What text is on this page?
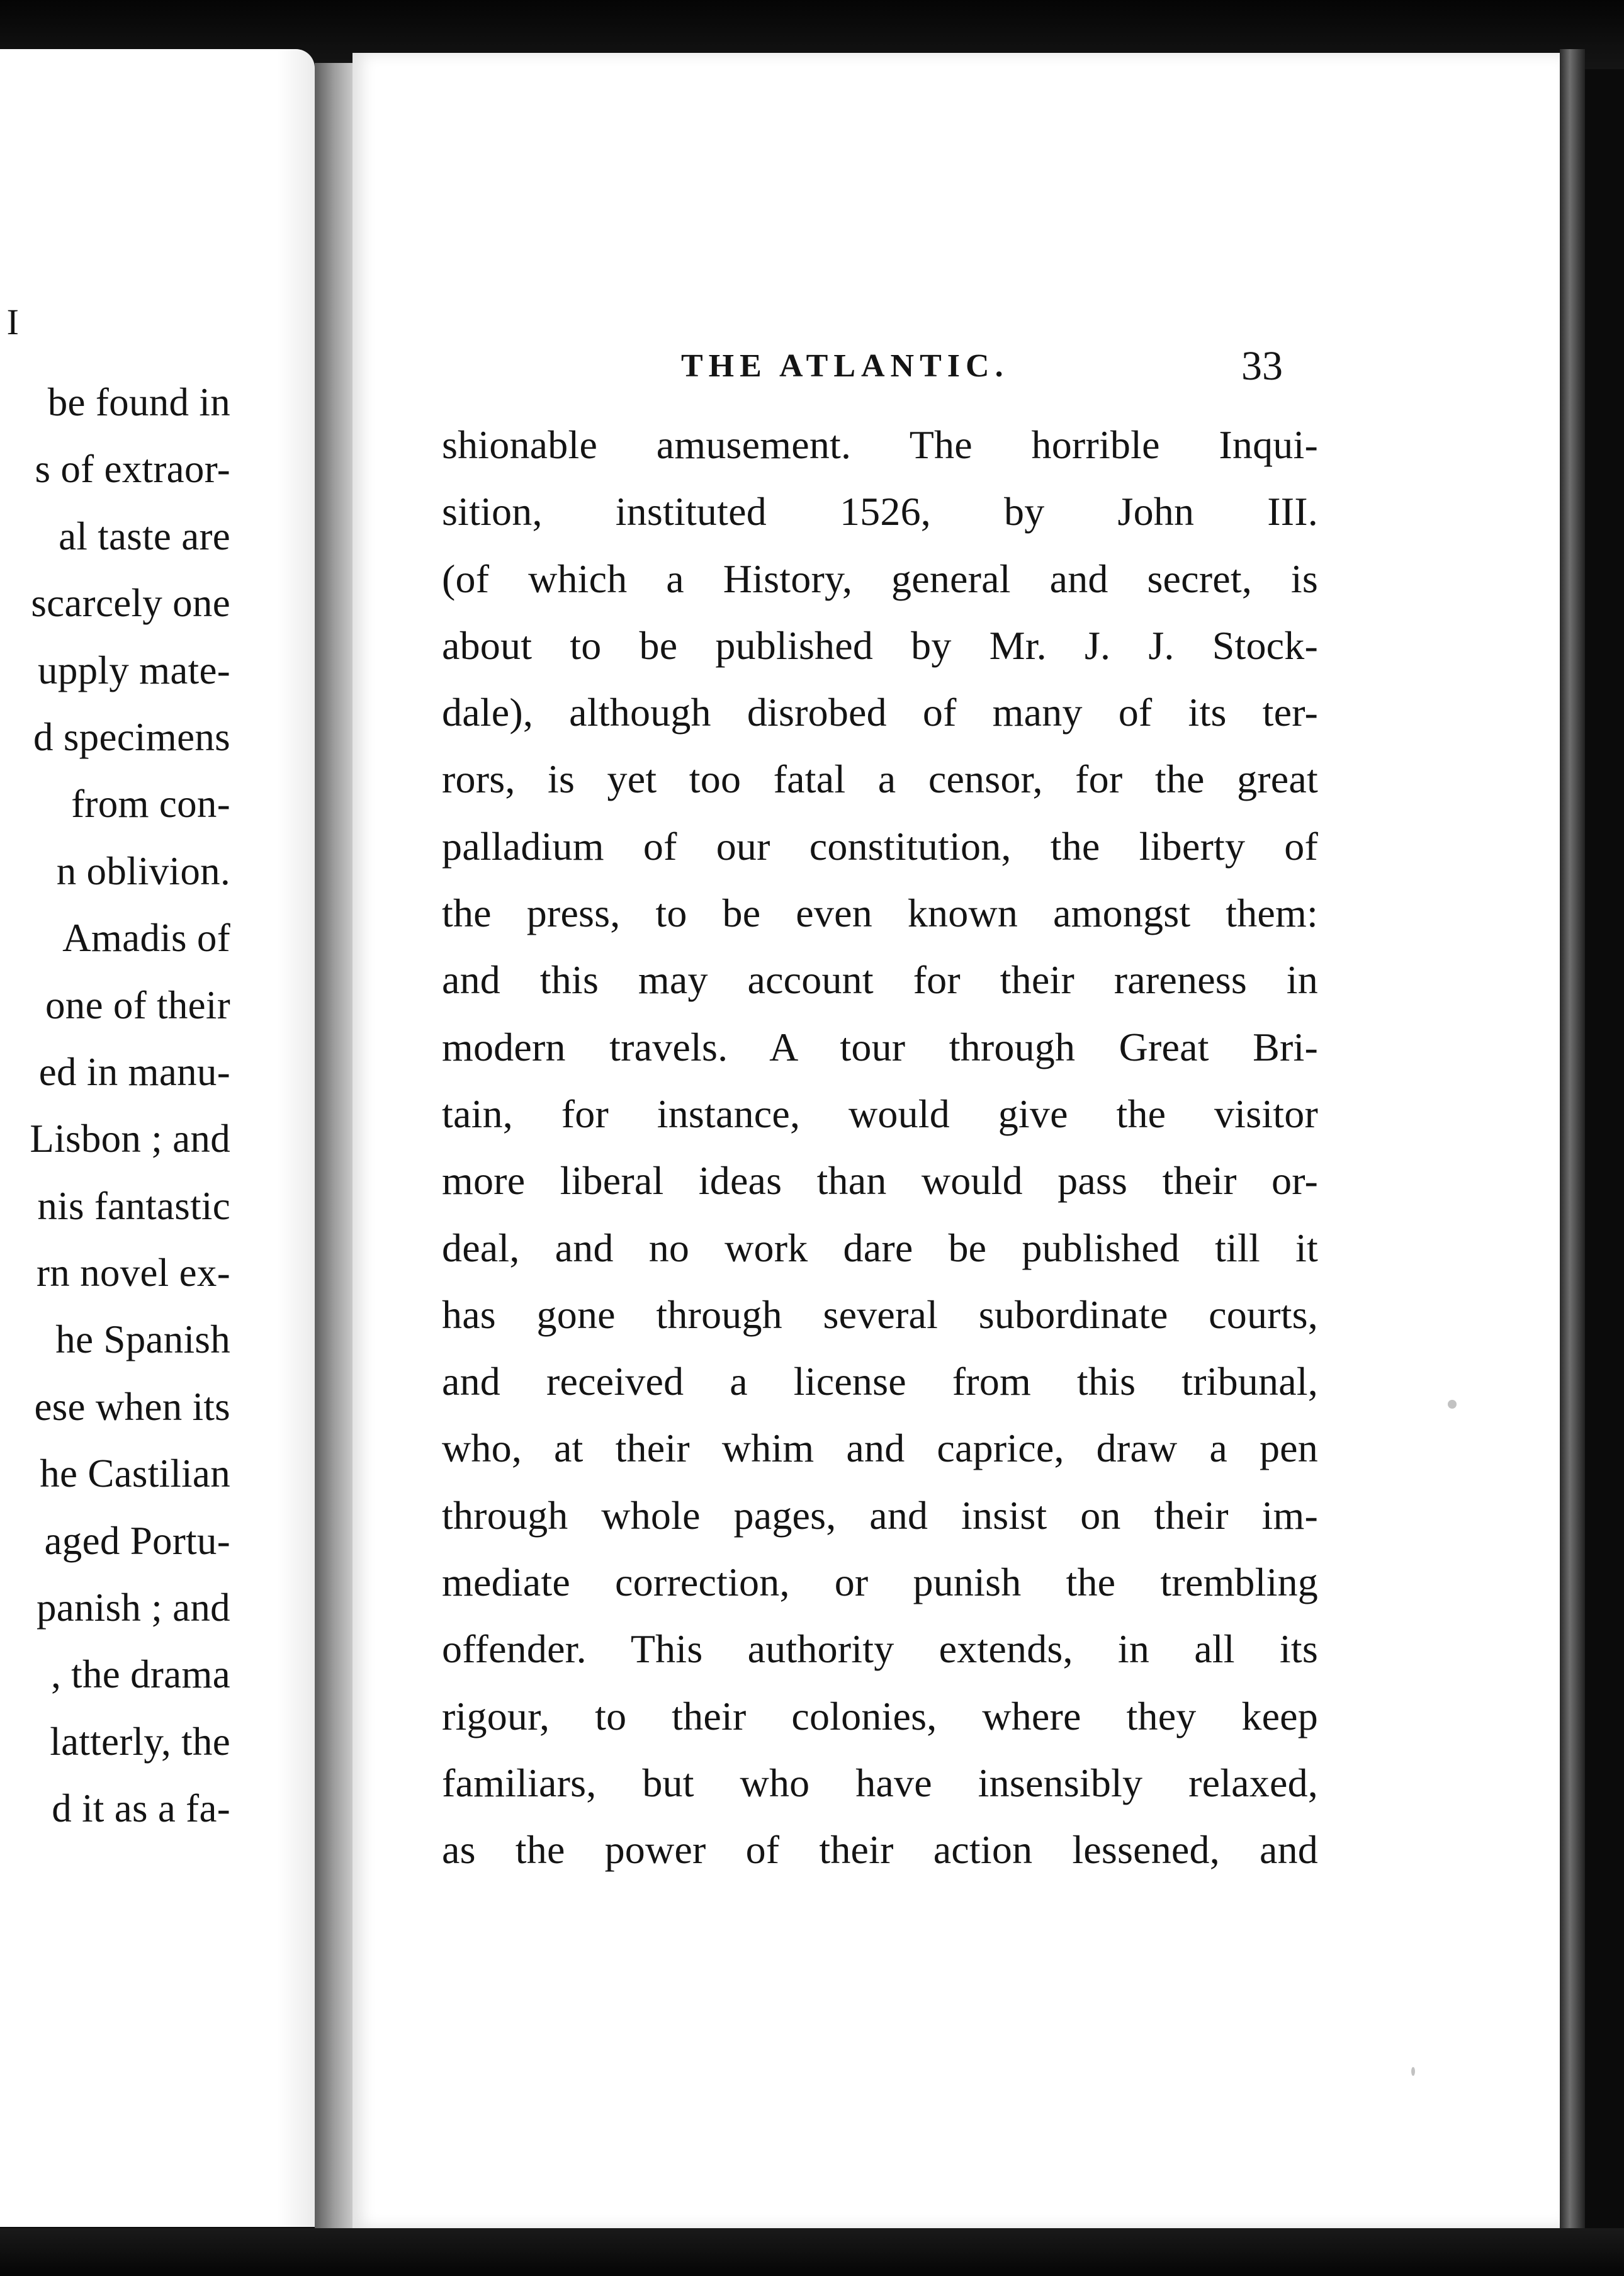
I
be found in
s of extraor-
al taste are
scarcely one
upply mate-
d specimens
from con-
n oblivion.
Amadis of
one of their
ed in manu-
Lisbon ; and
nis fantastic
rn novel ex-
he Spanish
ese when its
he Castilian
aged Portu-
panish ; and
, the drama
latterly, the
d it as a fa-
THE ATLANTIC.	33
shionable amusement. The horrible Inqui-
sition, instituted 1526, by John III.
(of which a History, general and secret, is
about to be published by Mr. J. J. Stock-
dale), although disrobed of many of its ter-
rors, is yet too fatal a censor, for the great
palladium of our constitution, the liberty of
the press, to be even known amongst them:
and this may account for their rareness in
modern travels. A tour through Great Bri-
tain, for instance, would give the visitor
more liberal ideas than would pass their or-
deal, and no work dare be published till it
has gone through several subordinate courts,
and received a license from this tribunal,
who, at their whim and caprice, draw a pen
through whole pages, and insist on their im-
mediate correction, or punish the trembling
offender. This authority extends, in all its
rigour, to their colonies, where they keep
familiars, but who have insensibly relaxed,
as the power of their action lessened, and
